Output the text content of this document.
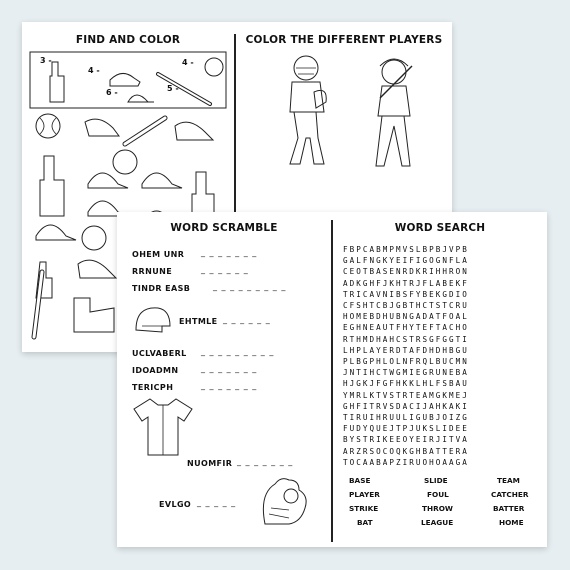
FIND AND COLOR	COLOR THE DIFFERENT PLAYERS
3 -
4 -
6 -
4 -
5 -
WORD SCRAMBLE	WORD SEARCH
OHEM UNR _ _ _ _ _ _ _
RRNUNE	_ _ _ _ _ _
TINDR EASB	_ _ _ _ _ _ _ _ _
EHTMLE _ _ _ _ _ _
UCLVABERL _ _ _ _ _ _ _ _ _
IDOADMN	_ _ _ _ _ _ _
TERICPH	_ _ _ _ _ _ _
NUOMFIR _ _ _ _ _ _ _
EVLGO _ _ _ _ _
FBPCABMPMVSLBPBJVPB
GALFNGKYEIFIGOGNFLA
CEOTBASENRDKRIHHRON
ADKGHFJKHTRJFLABEKF
TRICAVNIBSFYBEKGDIO
CFSHTCBJGBTHCTSTCRU
HOMEBDHUBNGADATFOAL
EGHNEAUTFHYTEFTACHO
RTHMDHAHCSTRSGFGGTI
LHPLAYERDTAFDHDHBGU
PLBGPHLOLNFRQLBUCMN
JNTIHCTWGMIEGRUNEBA
HJGKJFGFHKKLHLFSBAU
YMRLKTVSTRTEAMGKMEJ
GHFITRVSDACIJAHKAKI
TIRUIHRUULIGUBJOIZG
FUDYQUEJTPJUKSLIDEE
BYSTRIKEEOYEIRJITVA
ARZRSOCOQKGHBATTERA
TOCAABAPZIRUOHOAAGA
BASE	SLIDE	TEAM
PLAYER	FOUL	CATCHER
STRIKE	THROW	BATTER
BAT	LEAGUE	HOME
